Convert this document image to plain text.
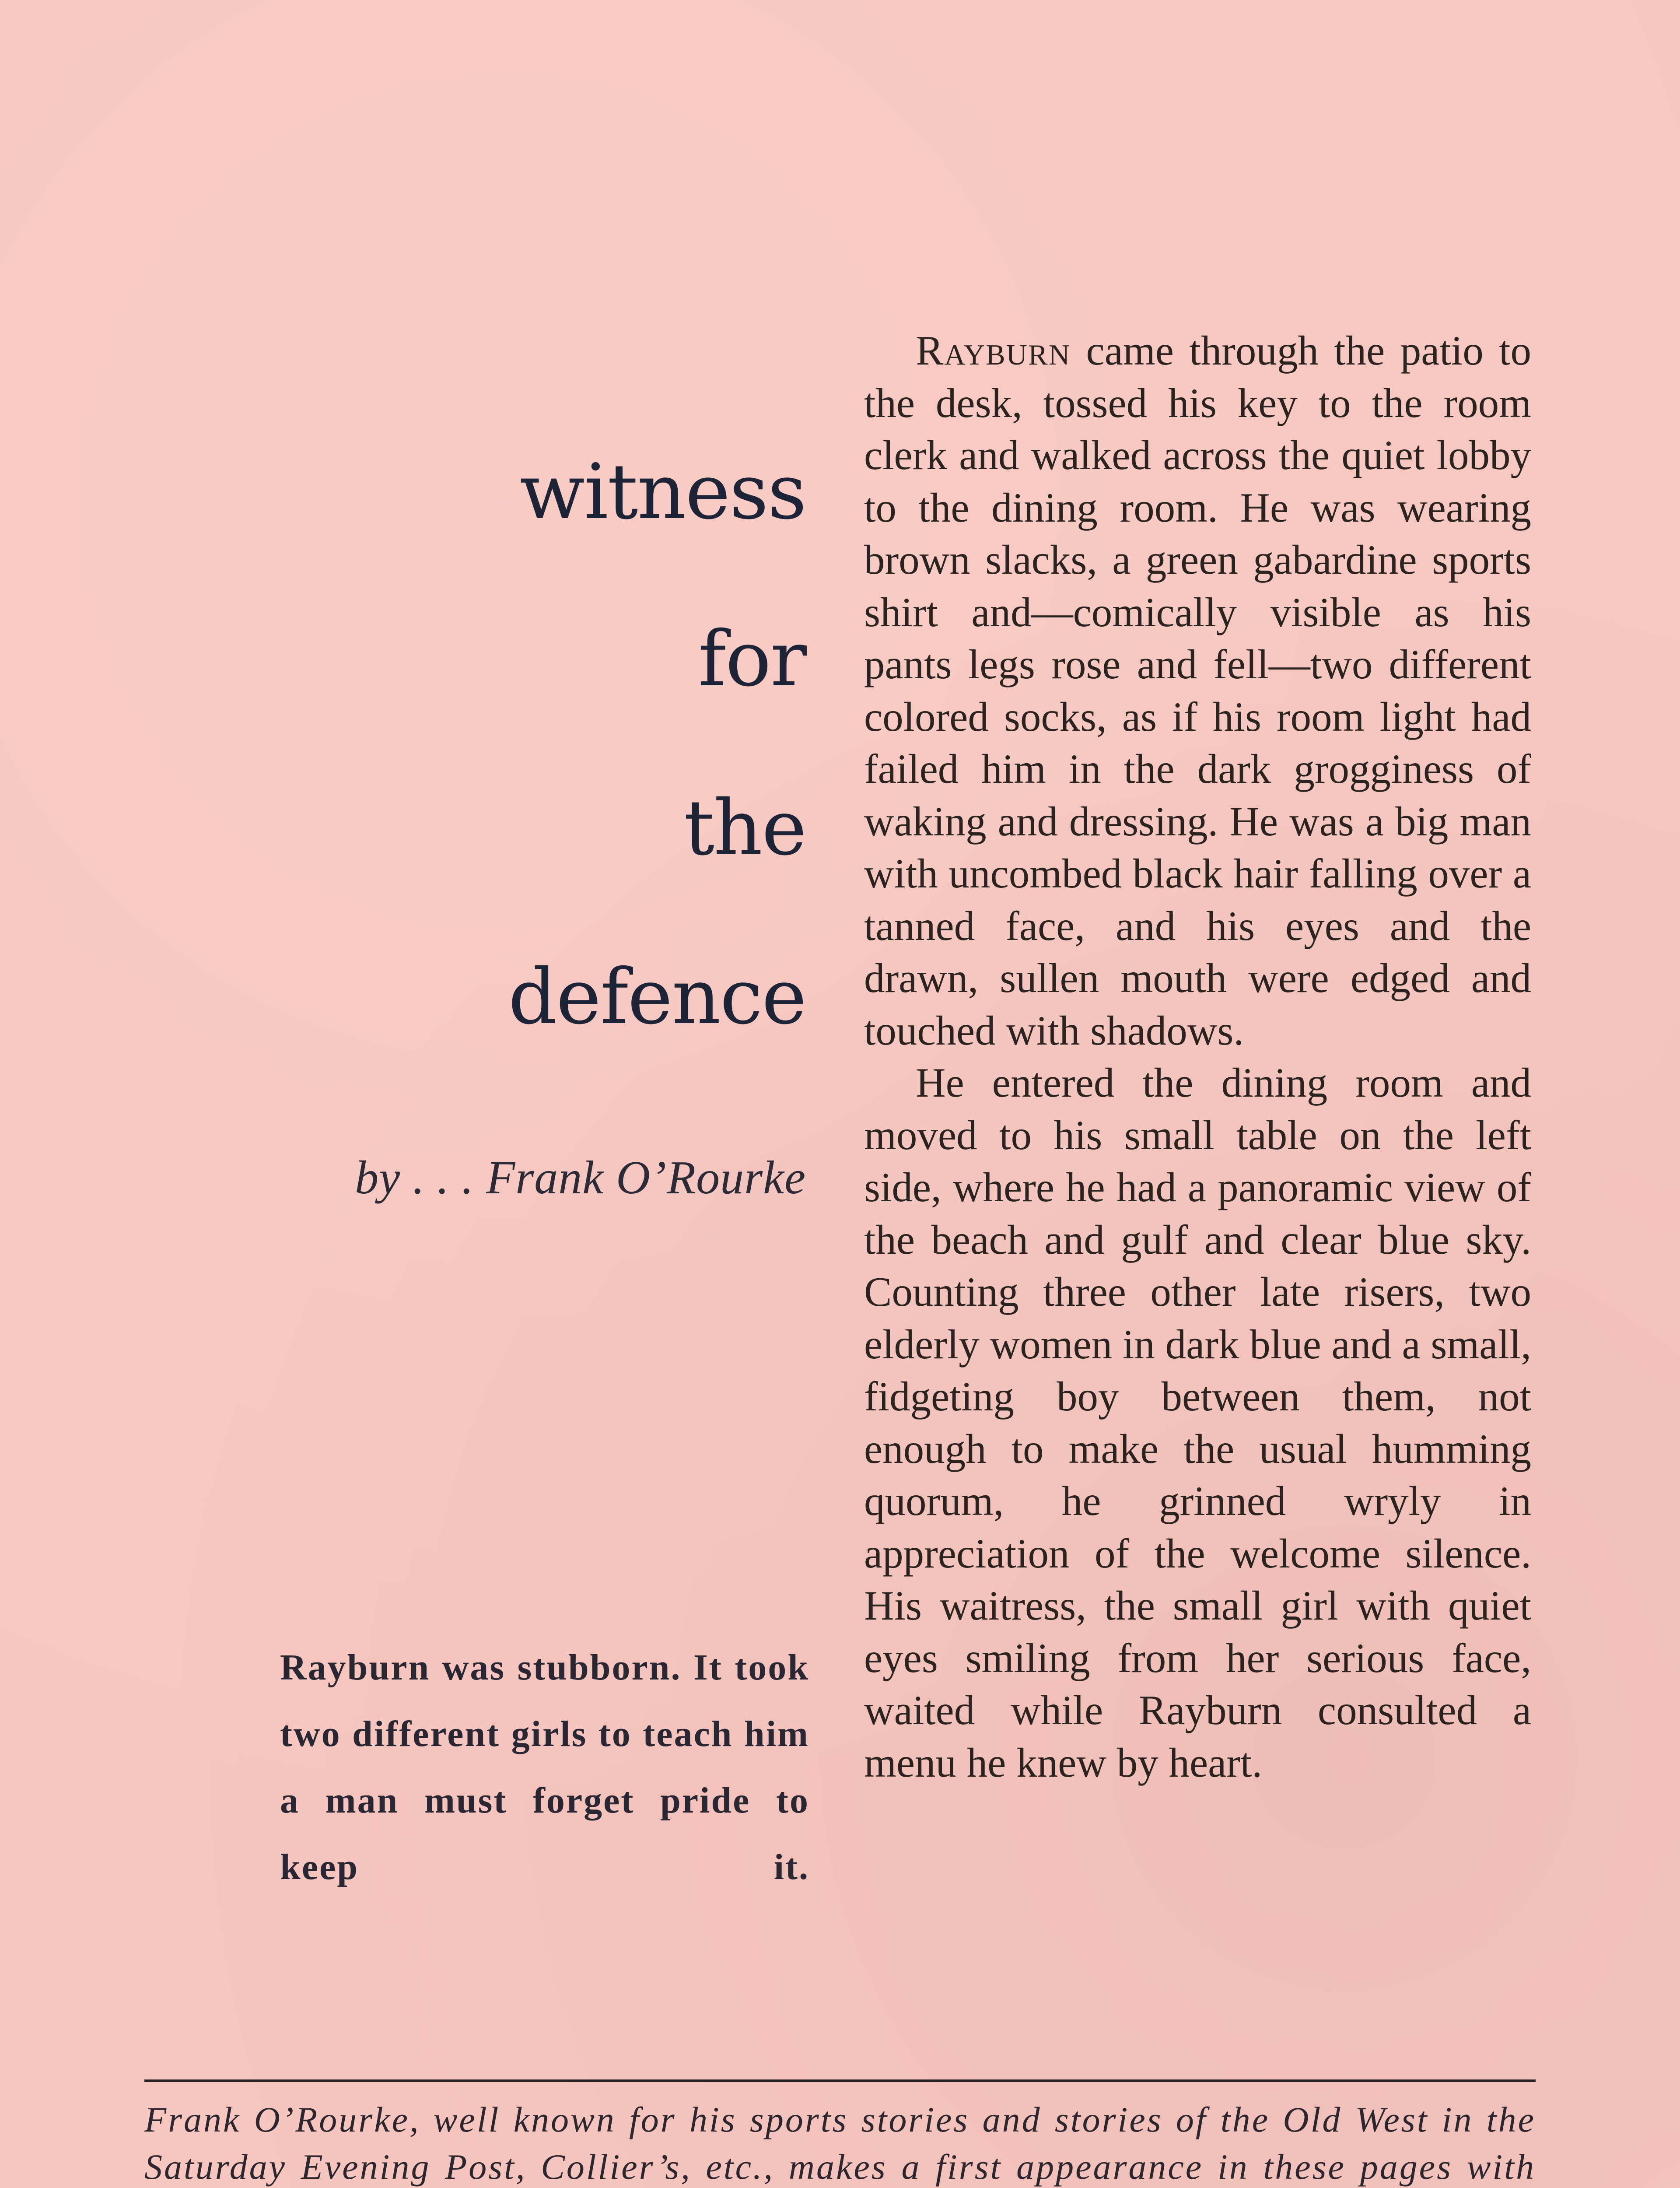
witness
for
the
defence
by . . . Frank O’Rourke
Rayburn was stubborn. It took two different girls to teach him a man must forget pride to keep it.

Rayburn came through the patio to the desk, tossed his key to the room clerk and walked across the quiet lobby to the dining room. He was wearing brown slacks, a green gabardine sports shirt and—comically visible as his pants legs rose and fell—two different colored socks, as if his room light had failed him in the dark grogginess of waking and dressing. He was a big man with uncombed black hair falling over a tanned face, and his eyes and the drawn, sullen mouth were edged and touched with shadows.

He entered the dining room and moved to his small table on the left side, where he had a panoramic view of the beach and gulf and clear blue sky. Counting three other late risers, two elderly women in dark blue and a small, fidgeting boy between them, not enough to make the usual humming quorum, he grinned wryly in appreciation of the welcome silence. His waitress, the small girl with quiet eyes smiling from her serious face, waited while Rayburn consulted a menu he knew by heart.

Frank O’Rourke, well known for his sports stories and stories of the Old West in the Saturday Evening Post, Collier’s, etc., makes a first appearance in these pages with
